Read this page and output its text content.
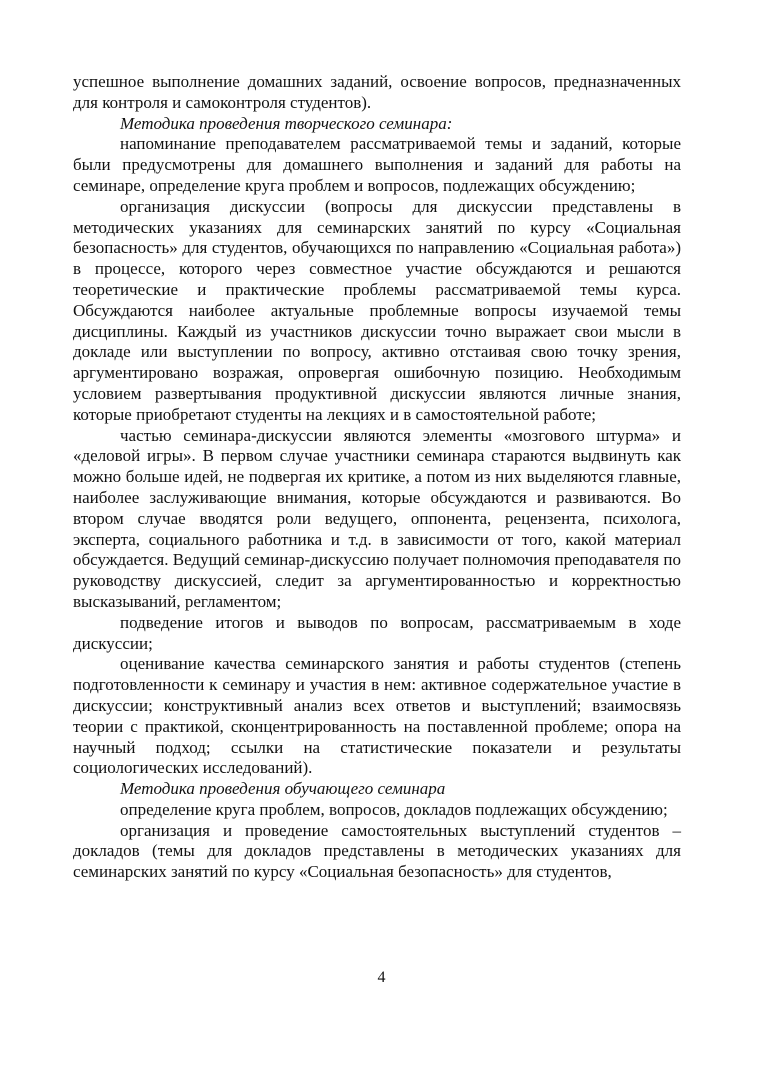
успешное выполнение домашних заданий, освоение вопросов, предназначенных для контроля и самоконтроля студентов).

Методика проведения творческого семинара:

напоминание преподавателем рассматриваемой темы и заданий, которые были предусмотрены для домашнего выполнения и заданий для работы на семинаре, определение круга проблем и вопросов, подлежащих обсуждению;

организация дискуссии (вопросы для дискуссии представлены в методических указаниях для семинарских занятий по курсу «Социальная безопасность» для студентов, обучающихся по направлению «Социальная работа») в процессе, которого через совместное участие обсуждаются и решаются теоретические и практические проблемы рассматриваемой темы курса. Обсуждаются наиболее актуальные проблемные вопросы изучаемой темы дисциплины. Каждый из участников дискуссии точно выражает свои мысли в докладе или выступлении по вопросу, активно отстаивая свою точку зрения, аргументировано возражая, опровергая ошибочную позицию. Необходимым условием развертывания продуктивной дискуссии являются личные знания, которые приобретают студенты на лекциях и в самостоятельной работе;

частью семинара-дискуссии являются элементы «мозгового штурма» и «деловой игры». В первом случае участники семинара стараются выдвинуть как можно больше идей, не подвергая их критике, а потом из них выделяются главные, наиболее заслуживающие внимания, которые обсуждаются и развиваются. Во втором случае вводятся роли ведущего, оппонента, рецензента, психолога, эксперта, социального работника и т.д. в зависимости от того, какой материал обсуждается. Ведущий семинар-дискуссию получает полномочия преподавателя по руководству дискуссией, следит за аргументированностью и корректностью высказываний, регламентом;

подведение итогов и выводов по вопросам, рассматриваемым в ходе дискуссии;

оценивание качества семинарского занятия и работы студентов (степень подготовленности к семинару и участия в нем: активное содержательное участие в дискуссии; конструктивный анализ всех ответов и выступлений; взаимосвязь теории с практикой, сконцентрированность на поставленной проблеме; опора на научный подход; ссылки на статистические показатели и результаты социологических исследований).

Методика проведения обучающего семинара

определение круга проблем, вопросов, докладов подлежащих обсуждению;

организация и проведение самостоятельных выступлений студентов – докладов (темы для докладов представлены в методических указаниях для семинарских занятий по курсу «Социальная безопасность» для студентов,

4
